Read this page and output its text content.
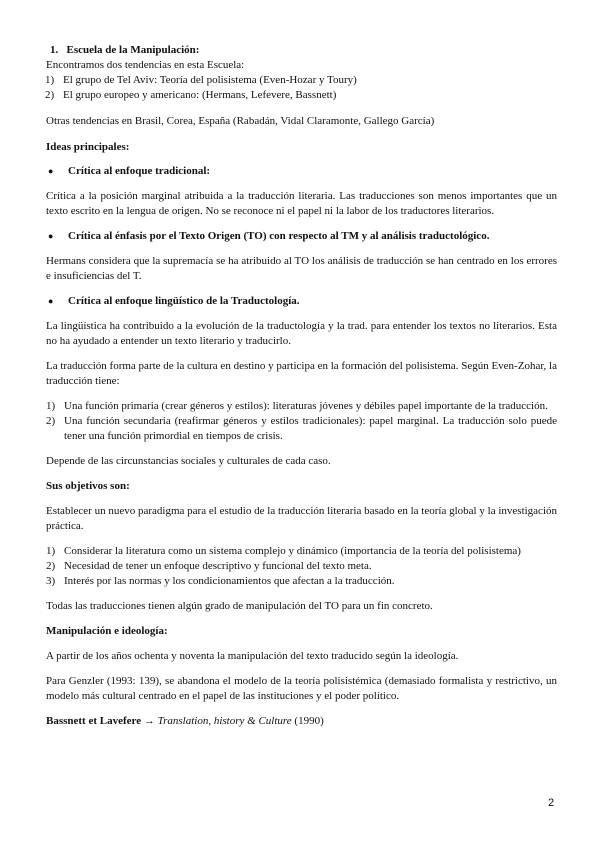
1. Escuela de la Manipulación:

Encontramos dos tendencias en esta Escuela:

1) El grupo de Tel Aviv: Teoría del polisistema (Even-Hozar y Toury)
2) El grupo europeo y americano: (Hermans, Lefevere, Bassnett)

Otras tendencias en Brasil, Corea, España (Rabadán, Vidal Claramonte, Gallego García)

Ideas principales:

●	Crítica al enfoque tradicional:

Crítica a la posición marginal atribuida a la traducción literaria. Las traducciones son menos importantes que un texto escrito en la lengua de origen. No se reconoce ni el papel ni la labor de los traductores literarios.

●	Crítica al énfasis por el Texto Origen (TO) con respecto al TM y al análisis traductológico.

Hermans considera que la supremacía se ha atribuido al TO los análisis de traducción se han centrado en los errores e insuficiencias del T.

●	Crítica al enfoque lingüístico de la Traductología.

La lingüística ha contribuido a la evolución de la traductología y la trad. para entender los textos no literarios. Esta no ha ayudado a entender un texto literario y traducirlo.

La traducción forma parte de la cultura en destino y participa en la formación del polisistema. Según Even-Zohar, la traducción tiene:

1) Una función primaria (crear géneros y estilos): literaturas jóvenes y débiles papel importante de la traducción.
2) Una función secundaria (reafirmar géneros y estilos tradicionales): papel marginal. La traducción solo puede tener una función primordial en tiempos de crisis.

Depende de las circunstancias sociales y culturales de cada caso.

Sus objetivos son:

Establecer un nuevo paradigma para el estudio de la traducción literaria basado en la teoría global y la investigación práctica.

1) Considerar la literatura como un sistema complejo y dinámico (importancia de la teoría del polisistema)
2) Necesidad de tener un enfoque descriptivo y funcional del texto meta.
3) Interés por las normas y los condicionamientos que afectan a la traducción.

Todas las traducciones tienen algún grado de manipulación del TO para un fin concreto.

Manipulación e ideología:

A partir de los años ochenta y noventa la manipulación del texto traducido según la ideología.

Para Genzler (1993: 139), se abandona el modelo de la teoría polisistémica (demasiado formalista y restrictivo, un modelo más cultural centrado en el papel de las instituciones y el poder político.

Bassnett et Lavefere → Translation, history & Culture (1990)

2
